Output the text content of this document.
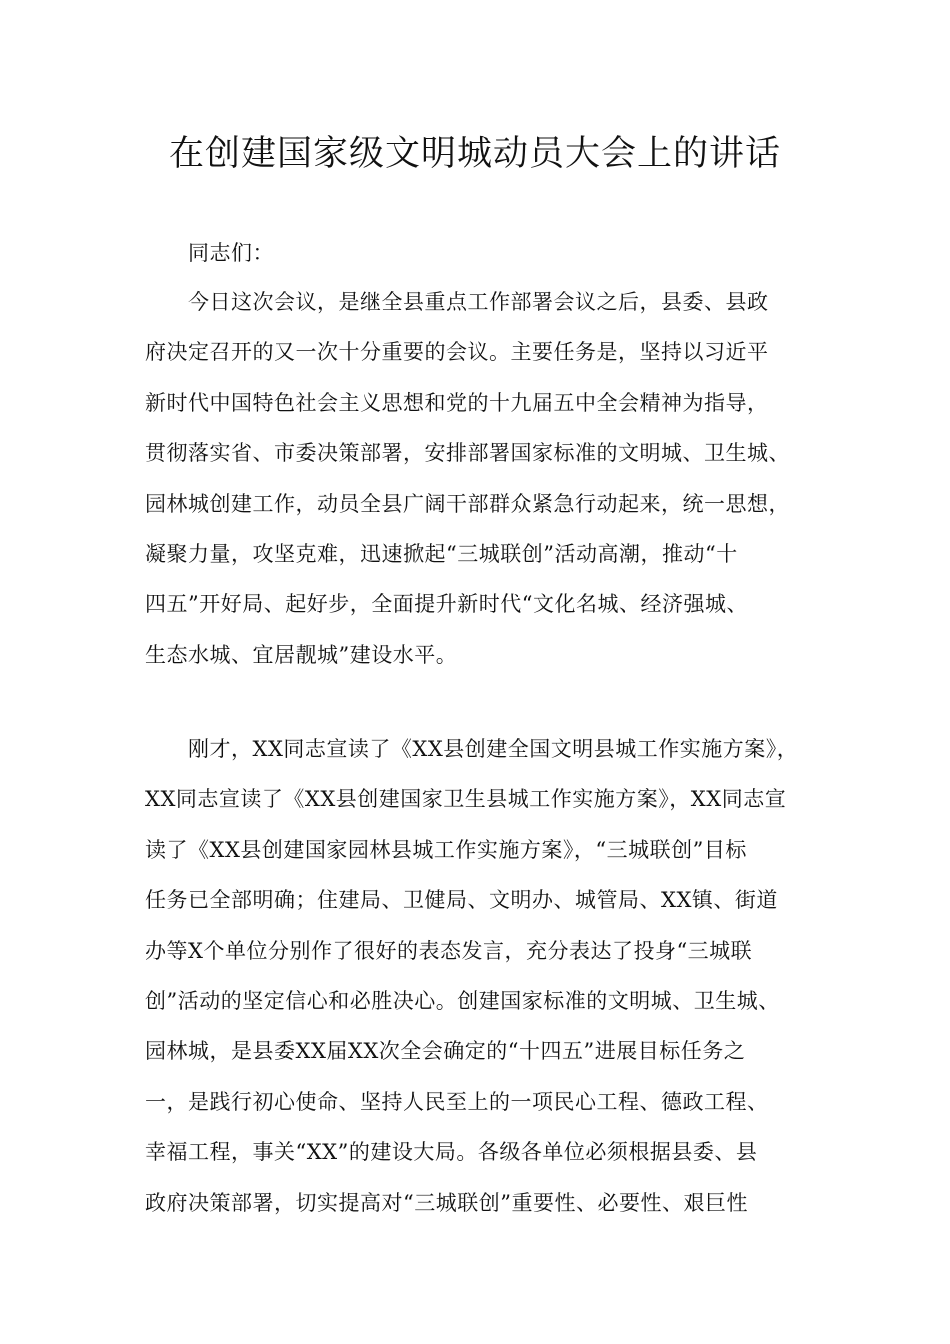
在创建国家级文明城动员大会上的讲话
同志们：
今日这次会议，是继全县重点工作部署会议之后，县委、县政
府决定召开的又一次十分重要的会议。主要任务是，坚持以习近平
新时代中国特色社会主义思想和党的十九届五中全会精神为指导，
贯彻落实省、市委决策部署，安排部署国家标准的文明城、卫生城、
园林城创建工作，动员全县广阔干部群众紧急行动起来，统一思想，
凝聚力量，攻坚克难，迅速掀起“三城联创”活动高潮，推动“十
四五”开好局、起好步，全面提升新时代“文化名城、经济强城、
生态水城、宜居靓城”建设水平。
刚才，XX同志宣读了《XX县创建全国文明县城工作实施方案》，
XX同志宣读了《XX县创建国家卫生县城工作实施方案》，XX同志宣
读了《XX县创建国家园林县城工作实施方案》，“三城联创”目标
任务已全部明确；住建局、卫健局、文明办、城管局、XX镇、街道
办等X个单位分别作了很好的表态发言，充分表达了投身“三城联
创”活动的坚定信心和必胜决心。创建国家标准的文明城、卫生城、
园林城，是县委XX届XX次全会确定的“十四五”进展目标任务之
一，是践行初心使命、坚持人民至上的一项民心工程、德政工程、
幸福工程，事关“XX”的建设大局。各级各单位必须根据县委、县
政府决策部署，切实提高对“三城联创”重要性、必要性、艰巨性
